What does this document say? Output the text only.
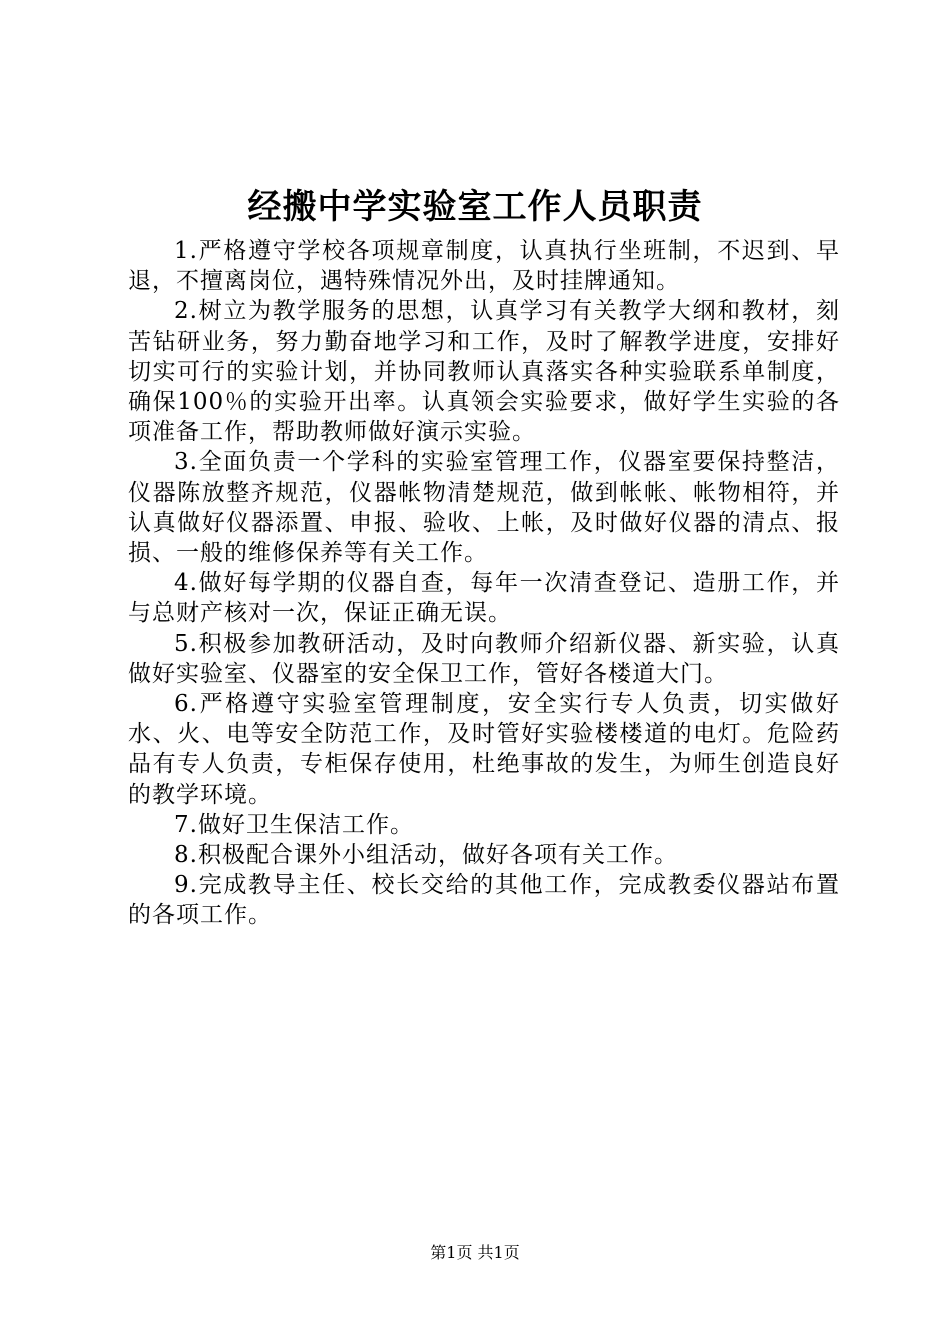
经搬中学实验室工作人员职责

1.严格遵守学校各项规章制度，认真执行坐班制，不迟到、早退，不擅离岗位，遇特殊情况外出，及时挂牌通知。

2.树立为教学服务的思想，认真学习有关教学大纲和教材，刻苦钻研业务，努力勤奋地学习和工作，及时了解教学进度，安排好切实可行的实验计划，并协同教师认真落实各种实验联系单制度，确保100％的实验开出率。认真领会实验要求，做好学生实验的各项准备工作，帮助教师做好演示实验。

3.全面负责一个学科的实验室管理工作，仪器室要保持整洁，仪器陈放整齐规范，仪器帐物清楚规范，做到帐帐、帐物相符，并认真做好仪器添置、申报、验收、上帐，及时做好仪器的清点、报损、一般的维修保养等有关工作。

4.做好每学期的仪器自查，每年一次清查登记、造册工作，并与总财产核对一次，保证正确无误。

5.积极参加教研活动，及时向教师介绍新仪器、新实验，认真做好实验室、仪器室的安全保卫工作，管好各楼道大门。

6.严格遵守实验室管理制度，安全实行专人负责，切实做好水、火、电等安全防范工作，及时管好实验楼楼道的电灯。危险药品有专人负责，专柜保存使用，杜绝事故的发生，为师生创造良好的教学环境。

7.做好卫生保洁工作。

8.积极配合课外小组活动，做好各项有关工作。

9.完成教导主任、校长交给的其他工作，完成教委仪器站布置的各项工作。

第1页 共1页
